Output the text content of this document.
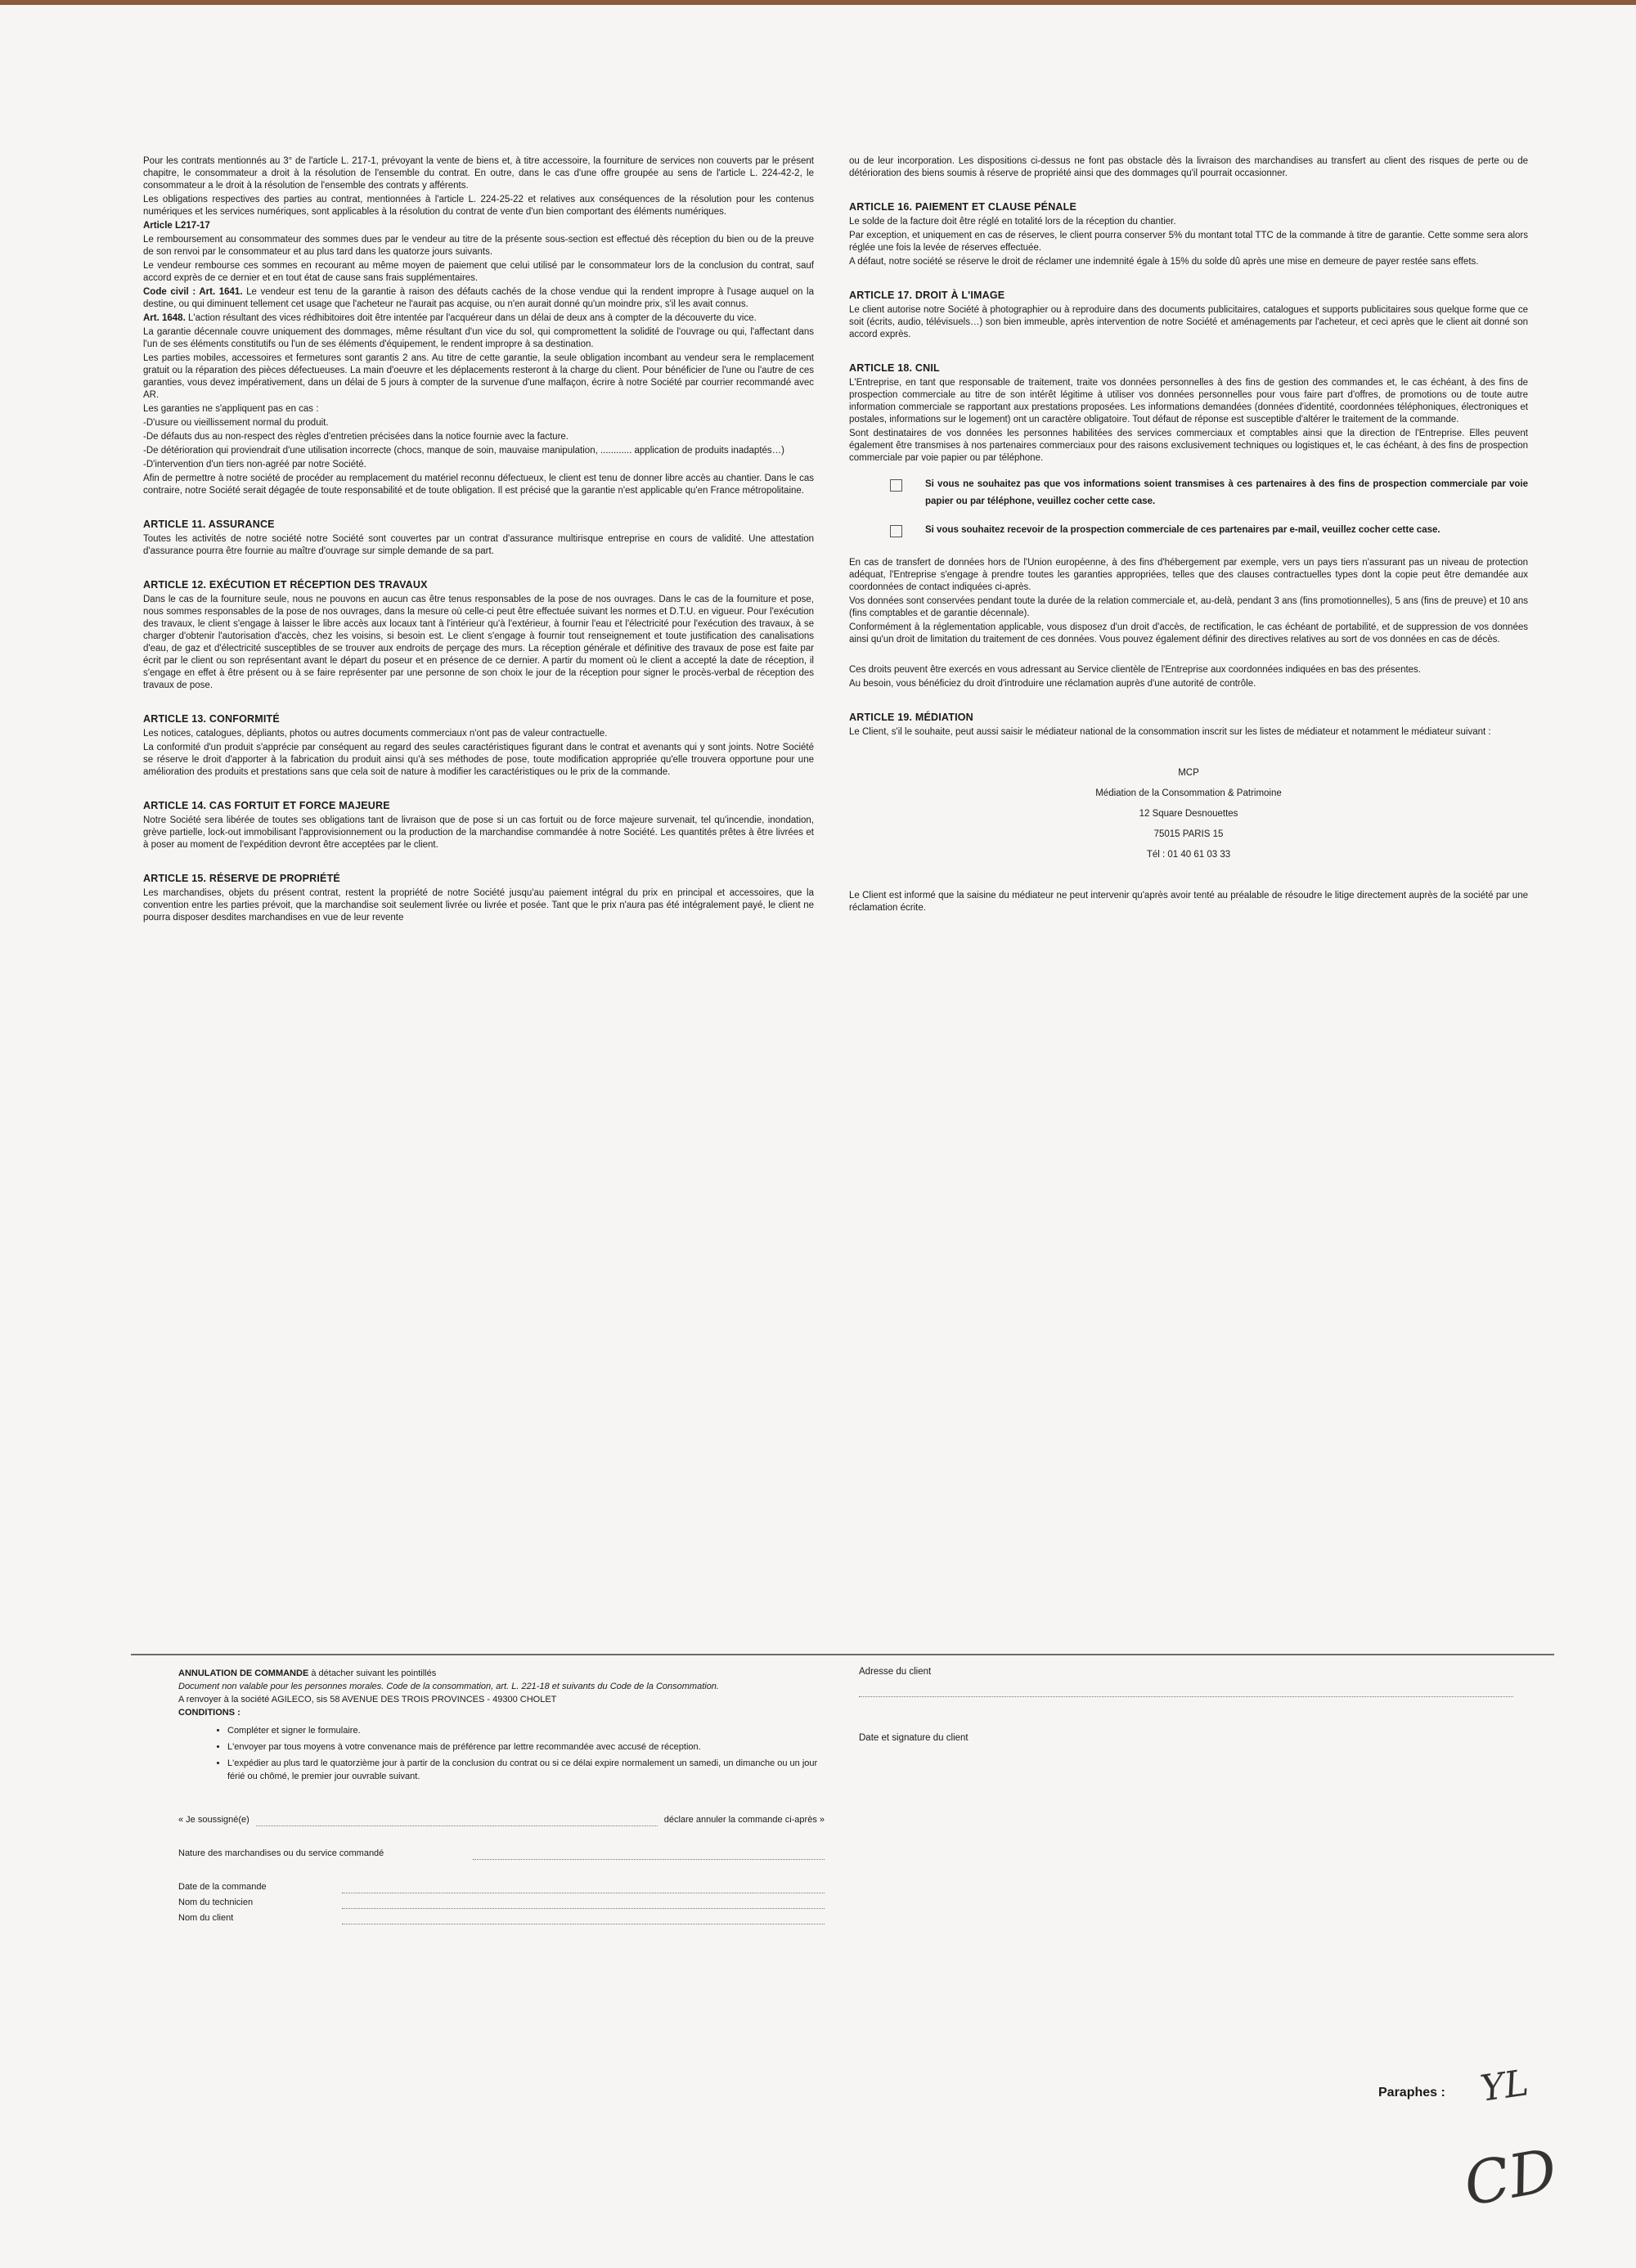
Pour les contrats mentionnés au 3° de l'article L. 217-1, prévoyant la vente de biens et, à titre accessoire, la fourniture de services non couverts par le présent chapitre, le consommateur a droit à la résolution de l'ensemble du contrat. En outre, dans le cas d'une offre groupée au sens de l'article L. 224-42-2, le consommateur a le droit à la résolution de l'ensemble des contrats y afférents.

Les obligations respectives des parties au contrat, mentionnées à l'article L. 224-25-22 et relatives aux conséquences de la résolution pour les contenus numériques et les services numériques, sont applicables à la résolution du contrat de vente d'un bien comportant des éléments numériques.

Article L217-17

Le remboursement au consommateur des sommes dues par le vendeur au titre de la présente sous-section est effectué dès réception du bien ou de la preuve de son renvoi par le consommateur et au plus tard dans les quatorze jours suivants.

Le vendeur rembourse ces sommes en recourant au même moyen de paiement que celui utilisé par le consommateur lors de la conclusion du contrat, sauf accord exprès de ce dernier et en tout état de cause sans frais supplémentaires.

Code civil : Art. 1641. Le vendeur est tenu de la garantie à raison des défauts cachés de la chose vendue qui la rendent impropre à l'usage auquel on la destine, ou qui diminuent tellement cet usage que l'acheteur ne l'aurait pas acquise, ou n'en aurait donné qu'un moindre prix, s'il les avait connus.

Art. 1648. L'action résultant des vices rédhibitoires doit être intentée par l'acquéreur dans un délai de deux ans à compter de la découverte du vice.

La garantie décennale couvre uniquement des dommages, même résultant d'un vice du sol, qui compromettent la solidité de l'ouvrage ou qui, l'affectant dans l'un de ses éléments constitutifs ou l'un de ses éléments d'équipement, le rendent impropre à sa destination.

Les parties mobiles, accessoires et fermetures sont garantis 2 ans. Au titre de cette garantie, la seule obligation incombant au vendeur sera le remplacement gratuit ou la réparation des pièces défectueuses. La main d'oeuvre et les déplacements resteront à la charge du client. Pour bénéficier de l'une ou l'autre de ces garanties, vous devez impérativement, dans un délai de 5 jours à compter de la survenue d'une malfaçon, écrire à notre Société par courrier recommandé avec AR.

Les garanties ne s'appliquent pas en cas :

-D'usure ou vieillissement normal du produit.

-De défauts dus au non-respect des règles d'entretien précisées dans la notice fournie avec la facture.

-De détérioration qui proviendrait d'une utilisation incorrecte (chocs, manque de soin, mauvaise manipulation, ............ application de produits inadaptés…)

-D'intervention d'un tiers non-agréé par notre Société.

Afin de permettre à notre société de procéder au remplacement du matériel reconnu défectueux, le client est tenu de donner libre accès au chantier. Dans le cas contraire, notre Société serait dégagée de toute responsabilité et de toute obligation. Il est précisé que la garantie n'est applicable qu'en France métropolitaine.

ARTICLE 11. ASSURANCE

Toutes les activités de notre société notre Société sont couvertes par un contrat d'assurance multirisque entreprise en cours de validité. Une attestation d'assurance pourra être fournie au maître d'ouvrage sur simple demande de sa part.

ARTICLE 12. EXÉCUTION ET RÉCEPTION DES TRAVAUX

Dans le cas de la fourniture seule, nous ne pouvons en aucun cas être tenus responsables de la pose de nos ouvrages. Dans le cas de la fourniture et pose, nous sommes responsables de la pose de nos ouvrages, dans la mesure où celle-ci peut être effectuée suivant les normes et D.T.U. en vigueur. Pour l'exécution des travaux, le client s'engage à laisser le libre accès aux locaux tant à l'intérieur qu'à l'extérieur, à fournir l'eau et l'électricité pour l'exécution des travaux, à se charger d'obtenir l'autorisation d'accès, chez les voisins, si besoin est. Le client s'engage à fournir tout renseignement et toute justification des canalisations d'eau, de gaz et d'électricité susceptibles de se trouver aux endroits de perçage des murs. La réception générale et définitive des travaux de pose est faite par écrit par le client ou son représentant avant le départ du poseur et en présence de ce dernier. A partir du moment où le client a accepté la date de réception, il s'engage en effet à être présent ou à se faire représenter par une personne de son choix le jour de la réception pour signer le procès-verbal de réception des travaux de pose.

ARTICLE 13. CONFORMITÉ

Les notices, catalogues, dépliants, photos ou autres documents commerciaux n'ont pas de valeur contractuelle.

La conformité d'un produit s'apprécie par conséquent au regard des seules caractéristiques figurant dans le contrat et avenants qui y sont joints. Notre Société se réserve le droit d'apporter à la fabrication du produit ainsi qu'à ses méthodes de pose, toute modification appropriée qu'elle trouvera opportune pour une amélioration des produits et prestations sans que cela soit de nature à modifier les caractéristiques ou le prix de la commande.

ARTICLE 14. CAS FORTUIT ET FORCE MAJEURE

Notre Société sera libérée de toutes ses obligations tant de livraison que de pose si un cas fortuit ou de force majeure survenait, tel qu'incendie, inondation, grève partielle, lock-out immobilisant l'approvisionnement ou la production de la marchandise commandée à notre Société. Les quantités prêtes à être livrées et à poser au moment de l'expédition devront être acceptées par le client.

ARTICLE 15. RÉSERVE DE PROPRIÉTÉ

Les marchandises, objets du présent contrat, restent la propriété de notre Société jusqu'au paiement intégral du prix en principal et accessoires, que la convention entre les parties prévoit, que la marchandise soit seulement livrée ou livrée et posée. Tant que le prix n'aura pas été intégralement payé, le client ne pourra disposer desdites marchandises en vue de leur revente

ou de leur incorporation. Les dispositions ci-dessus ne font pas obstacle dès la livraison des marchandises au transfert au client des risques de perte ou de détérioration des biens soumis à réserve de propriété ainsi que des dommages qu'il pourrait occasionner.

ARTICLE 16. PAIEMENT ET CLAUSE PÉNALE

Le solde de la facture doit être réglé en totalité lors de la réception du chantier.

Par exception, et uniquement en cas de réserves, le client pourra conserver 5% du montant total TTC de la commande à titre de garantie. Cette somme sera alors réglée une fois la levée de réserves effectuée.

A défaut, notre société se réserve le droit de réclamer une indemnité égale à 15% du solde dû après une mise en demeure de payer restée sans effets.

ARTICLE 17. DROIT À L'IMAGE

Le client autorise notre Société à photographier ou à reproduire dans des documents publicitaires, catalogues et supports publicitaires sous quelque forme que ce soit (écrits, audio, télévisuels…) son bien immeuble, après intervention de notre Société et aménagements par l'acheteur, et ceci après que le client ait donné son accord exprès.

ARTICLE 18. CNIL

L'Entreprise, en tant que responsable de traitement, traite vos données personnelles à des fins de gestion des commandes et, le cas échéant, à des fins de prospection commerciale au titre de son intérêt légitime à utiliser vos données personnelles pour vous faire part d'offres, de promotions ou de toute autre information commerciale se rapportant aux prestations proposées. Les informations demandées (données d'identité, coordonnées téléphoniques, électroniques et postales, informations sur le logement) ont un caractère obligatoire. Tout défaut de réponse est susceptible d'altérer le traitement de la commande.

Sont destinataires de vos données les personnes habilitées des services commerciaux et comptables ainsi que la direction de l'Entreprise. Elles peuvent également être transmises à nos partenaires commerciaux pour des raisons exclusivement techniques ou logistiques et, le cas échéant, à des fins de prospection commerciale par voie papier ou par téléphone.

Si vous ne souhaitez pas que vos informations soient transmises à ces partenaires à des fins de prospection commerciale par voie papier ou par téléphone, veuillez cocher cette case.
Si vous souhaitez recevoir de la prospection commerciale de ces partenaires par e-mail, veuillez cocher cette case.

En cas de transfert de données hors de l'Union européenne, à des fins d'hébergement par exemple, vers un pays tiers n'assurant pas un niveau de protection adéquat, l'Entreprise s'engage à prendre toutes les garanties appropriées, telles que des clauses contractuelles types dont la copie peut être demandée aux coordonnées de contact indiquées ci-après.

Vos données sont conservées pendant toute la durée de la relation commerciale et, au-delà, pendant 3 ans (fins promotionnelles), 5 ans (fins de preuve) et 10 ans (fins comptables et de garantie décennale).

Conformément à la réglementation applicable, vous disposez d'un droit d'accès, de rectification, le cas échéant de portabilité, et de suppression de vos données ainsi qu'un droit de limitation du traitement de ces données. Vous pouvez également définir des directives relatives au sort de vos données en cas de décès.

Ces droits peuvent être exercés en vous adressant au Service clientèle de l'Entreprise aux coordonnées indiquées en bas des présentes.

Au besoin, vous bénéficiez du droit d'introduire une réclamation auprès d'une autorité de contrôle.

ARTICLE 19. MÉDIATION

Le Client, s'il le souhaite, peut aussi saisir le médiateur national de la consommation inscrit sur les listes de médiateur et notamment le médiateur suivant :

MCP
Médiation de la Consommation & Patrimoine
12 Square Desnouettes
75015 PARIS 15
Tél : 01 40 61 03 33

Le Client est informé que la saisine du médiateur ne peut intervenir qu'après avoir tenté au préalable de résoudre le litige directement auprès de la société par une réclamation écrite.

ANNULATION DE COMMANDE à détacher suivant les pointillés
Document non valable pour les personnes morales. Code de la consommation, art. L. 221-18 et suivants du Code de la Consommation.
A renvoyer à la société AGILECO, sis 58 AVENUE DES TROIS PROVINCES - 49300 CHOLET
CONDITIONS :
• Compléter et signer le formulaire.
• L'envoyer par tous moyens à votre convenance mais de préférence par lettre recommandée avec accusé de réception.
• L'expédier au plus tard le quatorzième jour à partir de la conclusion du contrat ou si ce délai expire normalement un samedi, un dimanche ou un jour férié ou chômé, le premier jour ouvrable suivant.
« Je soussigné(e)	déclare annuler la commande ci-après »
Nature des marchandises ou du service commandé
Date de la commande
Nom du technicien
Nom du client
Adresse du client
Date et signature du client
Paraphes : YL
CD
